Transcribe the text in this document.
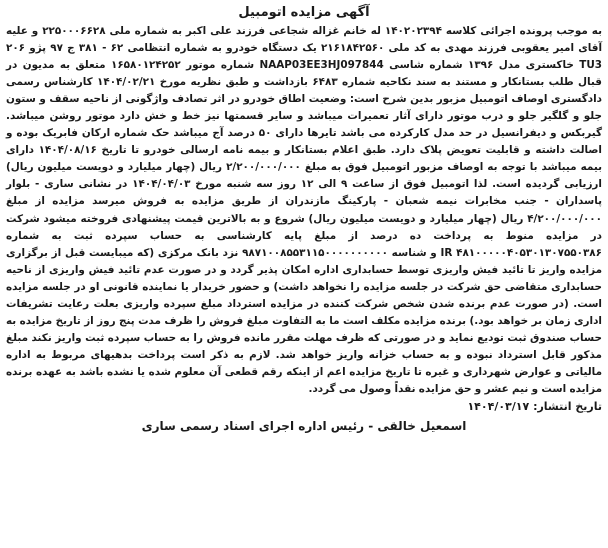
آگهی مزایده اتومبیل

به موجب پرونده اجرائی کلاسه ۱۴۰۲۰۲۳۹۴ له خانم غزاله شجاعی فرزند علی اکبر به شماره ملی ۲۲۵۰۰۰۶۶۲۸ و علیه آقای امیر یعقوبی فرزند مهدی به کد ملی ۲۱۶۱۸۴۲۵۶۰ یک دستگاه خودرو به شماره انتظامی ۶۲ - ۳۸۱ ج ۹۷ پژو ۲۰۶ TU3 خاکستری مدل ۱۳۹۶ شماره شاسی NAAP03EE3HJ097844 شماره موتور ۱۶۵۸۰۱۲۴۲۵۲ متعلق به مدیون در قبال طلب بستانکار و مستند به سند نکاحیه شماره ۶۴۸۳ بازداشت و طبق نظریه مورخ ۱۴۰۴/۰۲/۲۱ کارشناس رسمی دادگستری اوصاف اتومبیل مزبور بدین شرح است: وضعیت اطاق خودرو در اثر تصادف واژگونی از ناحیه سقف و ستون جلو و گلگیر جلو و درب موتور دارای آثار تعمیرات میباشد و سایر قسمتها نیز خط و خش دارد موتور روشن میباشد. گیربکس و دیفرانسیل در حد مدل کارکرده می باشد تایرها دارای ۵۰ درصد آج میباشد حک شماره ارکان فابریک بوده و اصالت داشته و قابلیت تعویض پلاک دارد. طبق اعلام بستانکار و بیمه نامه ارسالی خودرو تا تاریخ ۱۴۰۴/۰۸/۱۶ دارای بیمه میباشد با توجه به اوصاف مزبور اتومبیل فوق به مبلغ ۲/۲۰۰/۰۰۰/۰۰۰ ریال (چهار میلیارد و دویست میلیون ریال) ارزیابی گردیده است. لذا اتومبیل فوق از ساعت ۹ الی ۱۲ روز سه شنبه مورخ ۱۴۰۴/۰۴/۰۳ در نشانی ساری - بلوار پاسداران - جنب مخابرات نیمه شعبان - پارکینگ مازندران از طریق مزایده به فروش میرسد مزایده از مبلغ ۴/۲۰۰/۰۰۰/۰۰۰ ریال (چهار میلیارد و دویست میلیون ریال) شروع و به بالاترین قیمت پیشنهادی فروخته میشود شرکت در مزایده منوط به پرداخت ده درصد از مبلغ پایه کارشناسی به حساب سپرده ثبت به شماره ۴۸۱۰۰۰۰۰۴۰۵۳۰۱۳۰۷۵۵۰۳۸۶ IR و شناسه ۹۸۷۱۰۰۸۵۵۳۱۱۵۰۰۰۰۰۰۰۰۰۰ نزد بانک مرکزی (که میبایست قبل از برگزاری مزایده واریز تا تائید فیش واریزی توسط حسابداری اداره امکان پذیر گردد و در صورت عدم تائید فیش واریزی از ناحیه حسابداری متقاضی حق شرکت در جلسه مزایده را نخواهد داشت) و حضور خریدار یا نماینده قانونی او در جلسه مزایده است. (در صورت عدم برنده شدن شخص شرکت کننده در مزایده استرداد مبلغ سپرده واریزی بعلت رعایت تشریفات اداری زمان بر خواهد بود.) برنده مزایده مکلف است ما به التفاوت مبلغ فروش را ظرف مدت پنج روز از تاریخ مزایده به حساب صندوق ثبت تودیع نماید و در صورتی که ظرف مهلت مقرر مانده فروش را به حساب سپرده ثبت واریز نکند مبلغ مذکور قابل استرداد نبوده و به حساب خزانه واریز خواهد شد. لازم به ذکر است پرداخت بدهیهای مربوط به اداره مالیاتی و عوارض شهرداری و غیره تا تاریخ مزایده اعم از اینکه رقم قطعی آن معلوم شده یا نشده باشد به عهده برنده مزایده است و نیم عشر و حق مزایده نقداً وصول می گردد.

تاریخ انتشار: ۱۴۰۴/۰۳/۱۷
اسمعیل خالقی - رئیس اداره اجرای اسناد رسمی ساری
